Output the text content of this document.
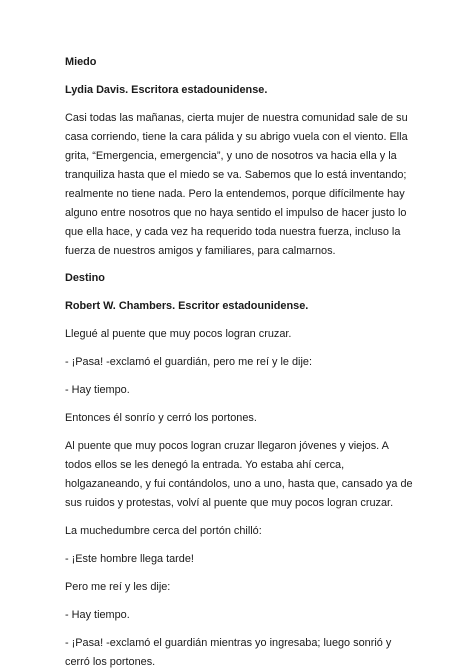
Miedo

Lydia Davis. Escritora estadounidense.

Casi todas las mañanas, cierta mujer de nuestra comunidad sale de su casa corriendo, tiene la cara pálida y su abrigo vuela con el viento. Ella grita, “Emergencia, emergencia”, y uno de nosotros va hacia ella y la tranquiliza hasta que el miedo se va. Sabemos que lo está inventando; realmente no tiene nada. Pero la entendemos, porque difícilmente hay alguno entre nosotros que no haya sentido el impulso de hacer justo lo que ella hace, y cada vez ha requerido toda nuestra fuerza, incluso la fuerza de nuestros amigos y familiares, para calmarnos.

Destino

Robert W. Chambers. Escritor estadounidense.

Llegué al puente que muy pocos logran cruzar.

- ¡Pasa! -exclamó el guardián, pero me reí y le dije:

- Hay tiempo.

Entonces él sonrío y cerró los portones.

Al puente que muy pocos logran cruzar llegaron jóvenes y viejos. A todos ellos se les denegó la entrada. Yo estaba ahí cerca, holgazaneando, y fui contándolos, uno a uno, hasta que, cansado ya de sus ruidos y protestas, volví al puente que muy pocos logran cruzar.

La muchedumbre cerca del portón chilló:

- ¡Este hombre llega tarde!

Pero me reí y les dije:

- Hay tiempo.

- ¡Pasa! -exclamó el guardián mientras yo ingresaba; luego sonrió y cerró los portones.
